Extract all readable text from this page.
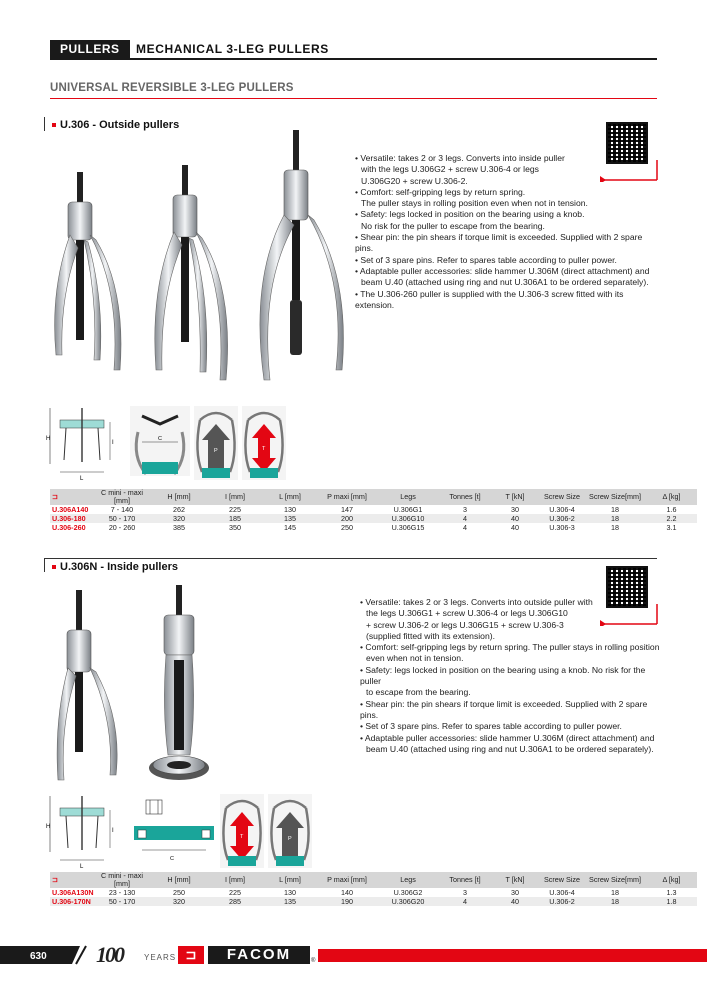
PULLERS	MECHANICAL 3-LEG PULLERS
UNIVERSAL REVERSIBLE 3-LEG PULLERS
U.306 - Outside pullers

• Versatile: takes 2 or 3 legs. Converts into inside puller

with the legs U.306G2 + screw U.306-4 or legs

U.306G20 + screw U.306-2.

• Comfort: self-gripping legs by return spring.

The puller stays in rolling position even when not in tension.

• Safety: legs locked in position on the bearing using a knob.

No risk for the puller to escape from the bearing.

• Shear pin: the pin shears if torque limit is exceeded. Supplied with 2 spare pins.

• Set of 3 spare pins. Refer to spares table according to puller power.

• Adaptable puller accessories: slide hammer U.306M (direct attachment) and

beam U.40 (attached using ring and nut U.306A1 to be ordered separately).

• The U.306-260 puller is supplied with the U.306-3 screw fitted with its extension.

H
I
L
C
P	T
⊐	C mini - maxi [mm]	H [mm]	I [mm]	L [mm]	P maxi [mm]	Legs	Tonnes [t]	T [kN]	Screw Size	Screw Size[mm]	Δ [kg]
U.306A140	7 - 140	262	225	130	147	U.306G1	3	30	U.306-4	18	1.6
U.306-180	50 - 170	320	185	135	200	U.306G10	4	40	U.306-2	18	2.2
U.306-260	20 - 260	385	350	145	250	U.306G15	4	40	U.306-3	18	3.1
U.306N - Inside pullers

• Versatile: takes 2 or 3 legs. Converts into outside puller with

the legs U.306G1 + screw U.306-4 or legs U.306G10

+ screw U.306-2 or legs U.306G15 + screw U.306-3

(supplied fitted with its extension).

• Comfort: self-gripping legs by return spring. The puller stays in rolling position

even when not in tension.

• Safety: legs locked in position on the bearing using a knob. No risk for the puller

to escape from the bearing.

• Shear pin: the pin shears if torque limit is exceeded. Supplied with 2 spare pins.

• Set of 3 spare pins. Refer to spares table according to puller power.

• Adaptable puller accessories: slide hammer U.306M (direct attachment) and

beam U.40 (attached using ring and nut U.306A1 to be ordered separately).

H
I
L
C
T	P
⊐	C mini - maxi [mm]	H [mm]	I [mm]	L [mm]	P maxi [mm]	Legs	Tonnes [t]	T [kN]	Screw Size	Screw Size[mm]	Δ [kg]
U.306A130N	23 - 130	250	225	130	140	U.306G2	3	30	U.306-4	18	1.3
U.306-170N	50 - 170	320	285	135	190	U.306G20	4	40	U.306-2	18	1.8
630 100	YEARS ⊐	FACOM	®
